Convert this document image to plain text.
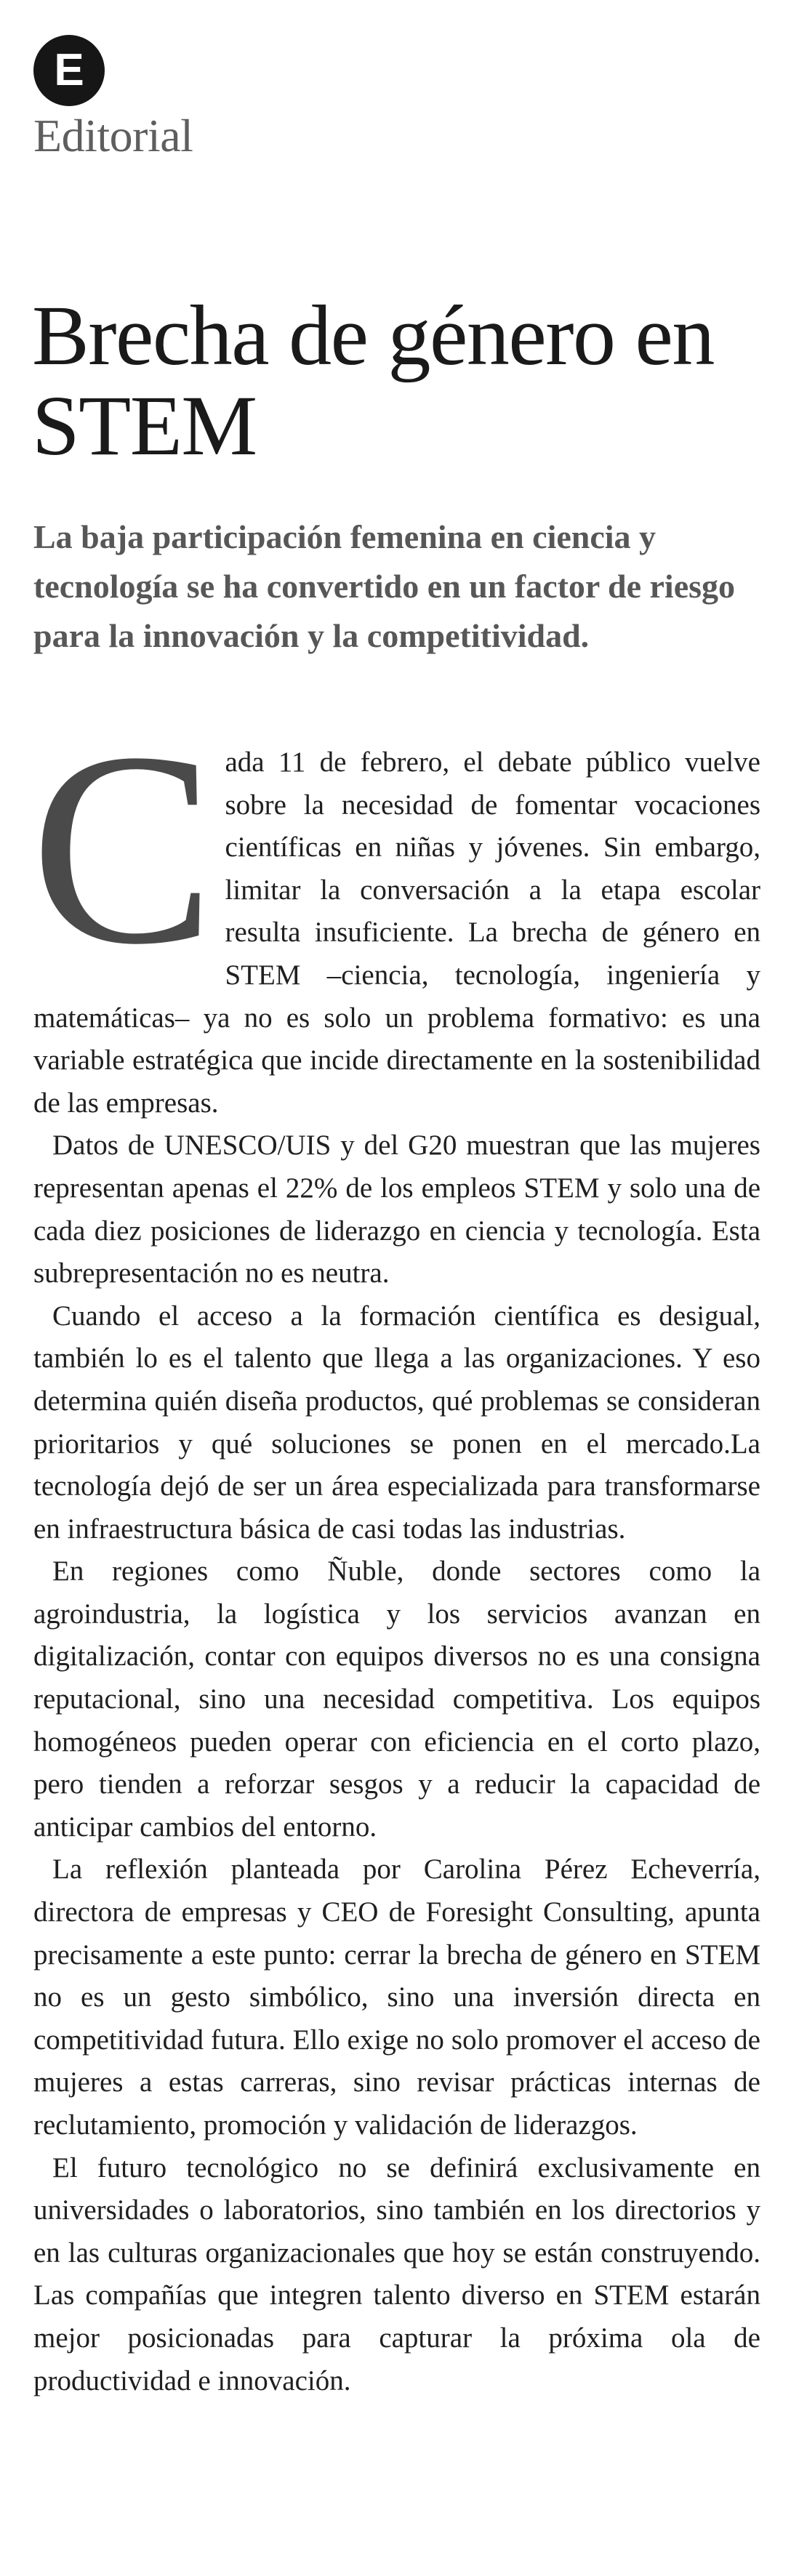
E
Editorial
Brecha de género en STEM

La baja participación femenina en ciencia y tecnología se ha convertido en un factor de riesgo para la innovación y la competitividad.

Cada 11 de febrero, el debate público vuelve sobre la necesidad de fomentar vocaciones científicas en niñas y jóvenes. Sin embargo, limitar la conversación a la etapa escolar resulta insuficiente. La brecha de género en STEM –ciencia, tecnología, ingeniería y matemáticas– ya no es solo un problema formativo: es una variable estratégica que incide directamente en la sostenibilidad de las empresas.

Datos de UNESCO/UIS y del G20 muestran que las mujeres representan apenas el 22% de los empleos STEM y solo una de cada diez posiciones de liderazgo en ciencia y tecnología. Esta subrepresentación no es neutra.

Cuando el acceso a la formación científica es desigual, también lo es el talento que llega a las organizaciones. Y eso determina quién diseña productos, qué problemas se consideran prioritarios y qué soluciones se ponen en el mercado.La tecnología dejó de ser un área especializada para transformarse en infraestructura básica de casi todas las industrias.

En regiones como Ñuble, donde sectores como la agroindustria, la logística y los servicios avanzan en digitalización, contar con equipos diversos no es una consigna reputacional, sino una necesidad competitiva. Los equipos homogéneos pueden operar con eficiencia en el corto plazo, pero tienden a reforzar sesgos y a reducir la capacidad de anticipar cambios del entorno.

La reflexión planteada por Carolina Pérez Echeverría, directora de empresas y CEO de Foresight Consulting, apunta precisamente a este punto: cerrar la brecha de género en STEM no es un gesto simbólico, sino una inversión directa en competitividad futura. Ello exige no solo promover el acceso de mujeres a estas carreras, sino revisar prácticas internas de reclutamiento, promoción y validación de liderazgos.

El futuro tecnológico no se definirá exclusivamente en universidades o laboratorios, sino también en los directorios y en las culturas organizacionales que hoy se están construyendo. Las compañías que integren talento diverso en STEM estarán mejor posicionadas para capturar la próxima ola de productividad e innovación.
